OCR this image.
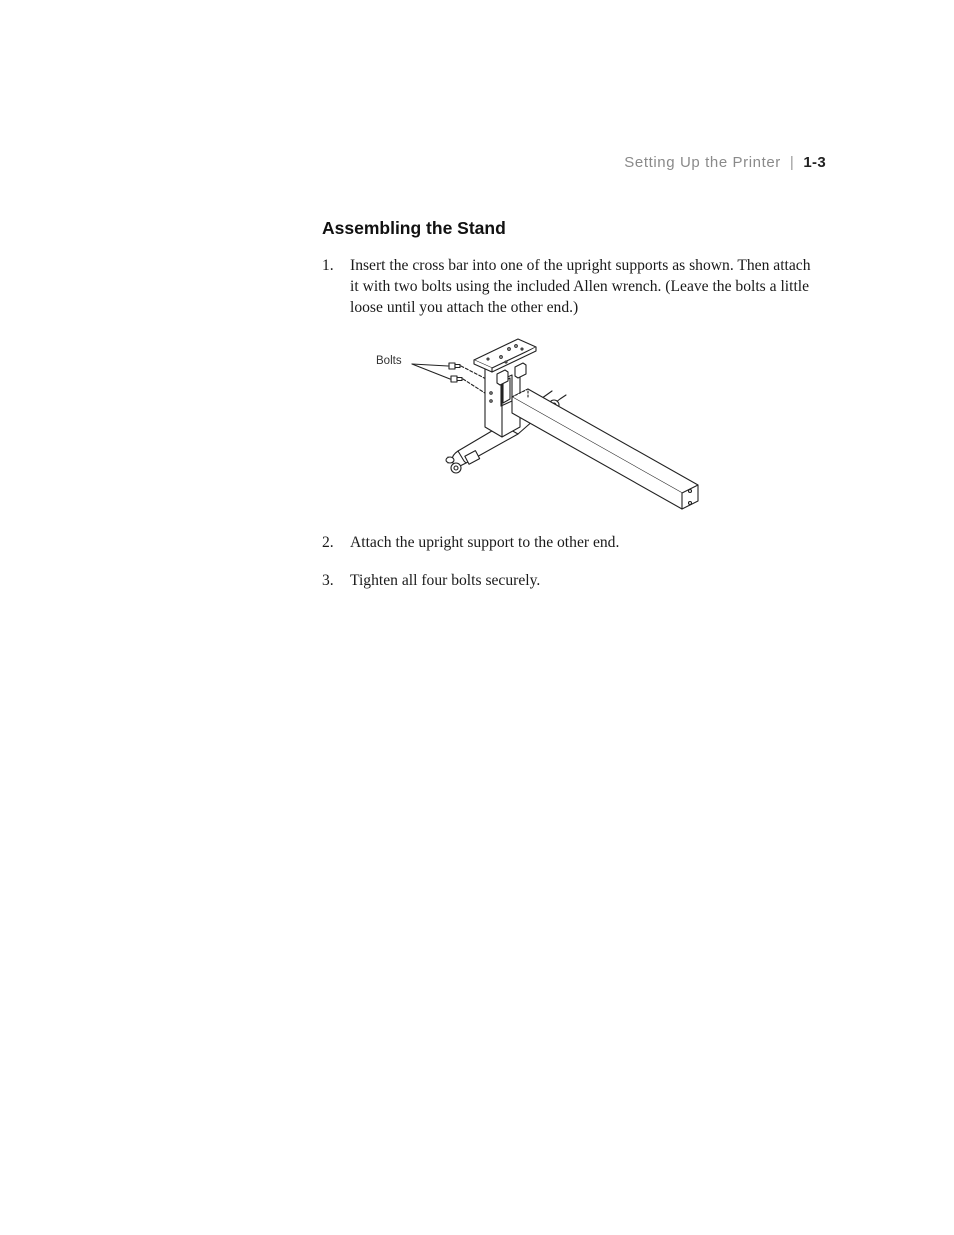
Setting Up the Printer | 1-3
Assembling the Stand
1. Insert the cross bar into one of the upright supports as shown. Then attach it with two bolts using the included Allen wrench. (Leave the bolts a little loose until you attach the other end.)
Bolts
2. Attach the upright support to the other end.
3. Tighten all four bolts securely.
